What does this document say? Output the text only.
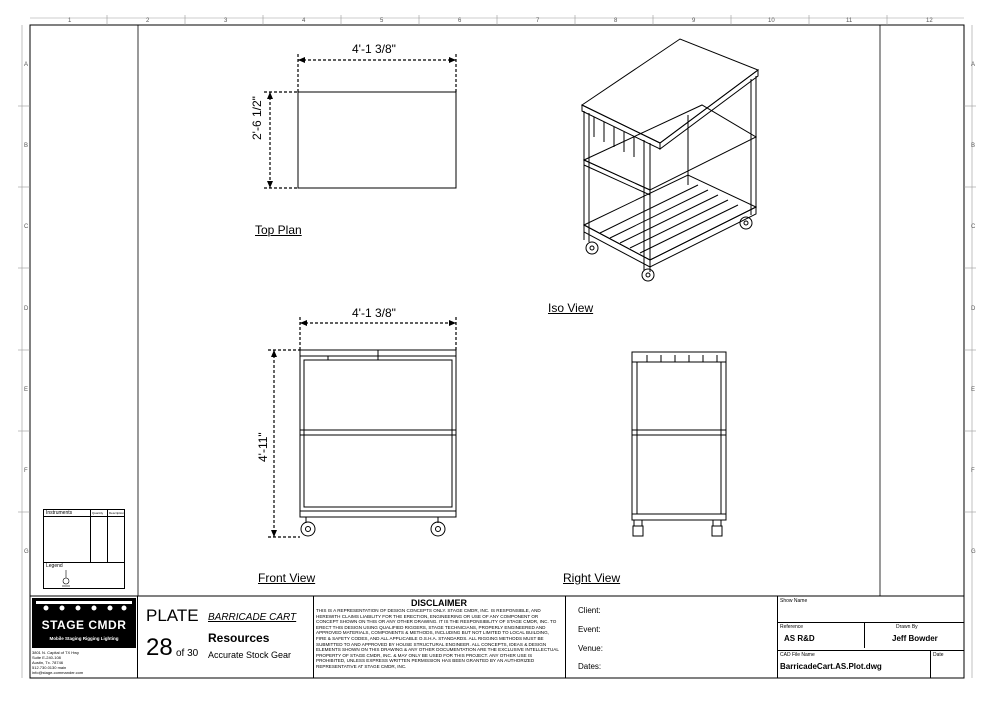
1	2	3	4	5	6	7	8	9	10	11	12
A
B
C
D
E
F
G
A
B
C
D
E
F
G
4'-1 3/8"
2'-6 1/2"
Top Plan
Iso View
4'-1 3/8"
4'-11"
Front View	Right View
Instruments	Quantity Description
Legend
STAGE CMDR
Mobile Staging Rigging Lighting
3801 N. Capital of TX Hwy
Suite E-240-108
Austin, Tx. 78746
512.730.0130 main
info@stage-commander.com
PLATE BARRICADE CART
28 of 30
Resources
Accurate Stock Gear
DISCLAIMER
THIS IS A REPRESENTATION OF DESIGN CONCEPTS ONLY. STAGE CMDR, INC. IS RESPONSIBLE, AND HEREWITH CLAIMS LIABILITY FOR THE ERECTION, ENGINEERING OR USE OF ANY COMPONENT OR CONCEPT SHOWN ON THIS OR ANY OTHER DRAWING. IT IS THE RESPONSIBILITY OF STAGE CMDR, INC. TO ERECT THIS DESIGN USING QUALIFIED RIGGERS, STAGE TECHNICIANS, PROPERLY ENGINEERED AND APPROVED MATERIALS, COMPONENTS & METHODS, INCLUDING BUT NOT LIMITED TO LOCAL BUILDING, FIRE & SAFETY CODES, AND ALL APPLICABLE O.S.H.A. STANDARDS. ALL RIGGING METHODS MUST BE SUBMITTED TO AND APPROVED BY HOUSE STRUCTURAL ENGINEER. ALL CONCEPTS, IDEAS & DESIGN ELEMENTS SHOWN ON THIS DRAWING & ANY OTHER DOCUMENTATION ARE THE EXCLUSIVE INTELLECTUAL PROPERTY OF STAGE CMDR, INC. & MAY ONLY BE USED FOR THIS PROJECT. ANY OTHER USE IS PROHIBITED, UNLESS EXPRESS WRITTEN PERMISSION HAS BEEN GRANTED BY AN AUTHORIZED REPRESENTATIVE AT STAGE CMDR, INC.
Client:
Event:
Venue:
Dates:
Show Name
Reference
AS R&D
Drawn By
Jeff Bowder
CAD File Name
BarricadeCart.AS.Plot.dwg
Date
